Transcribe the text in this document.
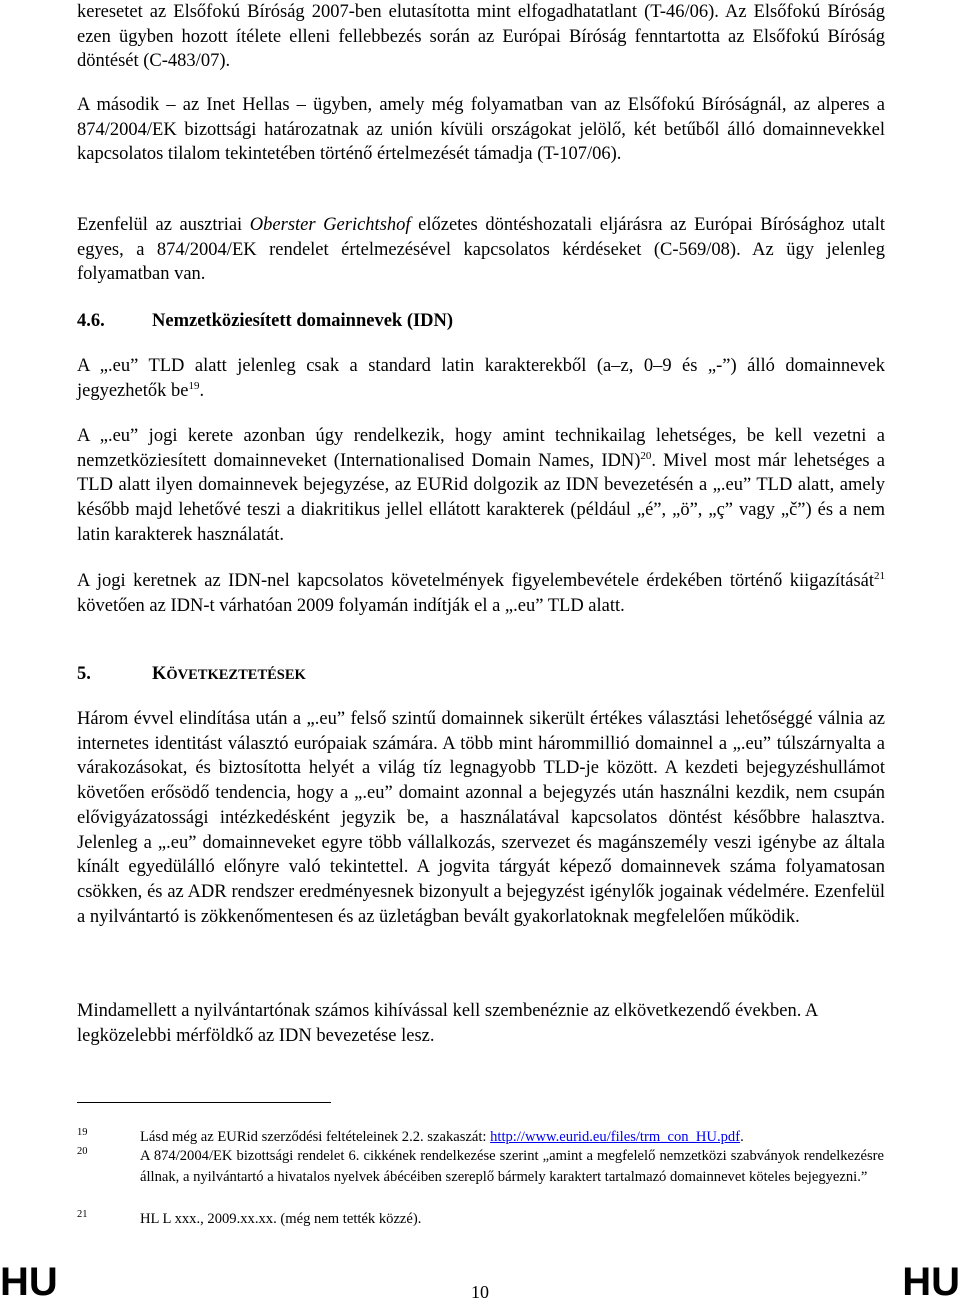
keresetet az Elsőfokú Bíróság 2007-ben elutasította mint elfogadhatatlant (T-46/06). Az Elsőfokú Bíróság ezen ügyben hozott ítélete elleni fellebbezés során az Európai Bíróság fenntartotta az Elsőfokú Bíróság döntését (C-483/07).

A második – az Inet Hellas – ügyben, amely még folyamatban van az Elsőfokú Bíróságnál, az alperes a 874/2004/EK bizottsági határozatnak az unión kívüli országokat jelölő, két betűből álló domainnevekkel kapcsolatos tilalom tekintetében történő értelmezését támadja (T-107/06).

Ezenfelül az ausztriai Oberster Gerichtshof előzetes döntéshozatali eljárásra az Európai Bírósághoz utalt egyes, a 874/2004/EK rendelet értelmezésével kapcsolatos kérdéseket (C-569/08). Az ügy jelenleg folyamatban van.

4.6.	Nemzetköziesített domainnevek (IDN)

A „.eu” TLD alatt jelenleg csak a standard latin karakterekből (a–z, 0–9 és „-”) álló domainnevek jegyezhetők $be^{19}$.

A „.eu” jogi kerete azonban úgy rendelkezik, hogy amint technikailag lehetséges, be kell vezetni a nemzetköziesített domainneveket (Internationalised Domain Names, IDN)$^{20}$. Mivel most már lehetséges a TLD alatt ilyen domainnevek bejegyzése, az EURid dolgozik az IDN bevezetésén a „.eu” TLD alatt, amely később majd lehetővé teszi a diakritikus jellel ellátott karakterek (például „é”, „ö”, „ç” vagy „č”) és a nem latin karakterek használatát.

A jogi keretnek az IDN-nel kapcsolatos követelmények figyelembevétele érdekében történő kiigazítását$^{21}$ követően az IDN-t várhatóan 2009 folyamán indítják el a „.eu” TLD alatt.

5.	KÖVETKEZTETÉSEK

Három évvel elindítása után a „.eu” felső szintű domainnek sikerült értékes választási lehetőséggé válnia az internetes identitást választó európaiak számára. A több mint hárommillió domainnel a „.eu” túlszárnyalta a várakozásokat, és biztosította helyét a világ tíz legnagyobb TLD-je között. A kezdeti bejegyzéshullámot követően erősödő tendencia, hogy a „.eu” domaint azonnal a bejegyzés után használni kezdik, nem csupán elővigyázatossági intézkedésként jegyzik be, a használatával kapcsolatos döntést későbbre halasztva. Jelenleg a „.eu” domainneveket egyre több vállalkozás, szervezet és magánszemély veszi igénybe az általa kínált egyedülálló előnyre való tekintettel. A jogvita tárgyát képező domainnevek száma folyamatosan csökken, és az ADR rendszer eredményesnek bizonyult a bejegyzést igénylők jogainak védelmére. Ezenfelül a nyilvántartó is zökkenőmentesen és az üzletágban bevált gyakorlatoknak megfelelően működik.

Mindamellett a nyilvántartónak számos kihívással kell szembenéznie az elkövetkezendő években. A legközelebbi mérföldkő az IDN bevezetése lesz.

19	Lásd még az EURid szerződési feltételeinek 2.2. szakaszát: http://www.eurid.eu/files/trm_con_HU.pdf.
20	A 874/2004/EK bizottsági rendelet 6. cikkének rendelkezése szerint „amint a megfelelő nemzetközi szabványok rendelkezésre állnak, a nyilvántartó a hivatalos nyelvek ábécéiben szereplő bármely karaktert tartalmazó domainnevet köteles bejegyezni.”
21	HL L xxx., 2009.xx.xx. (még nem tették közzé).
HU	10	HU
